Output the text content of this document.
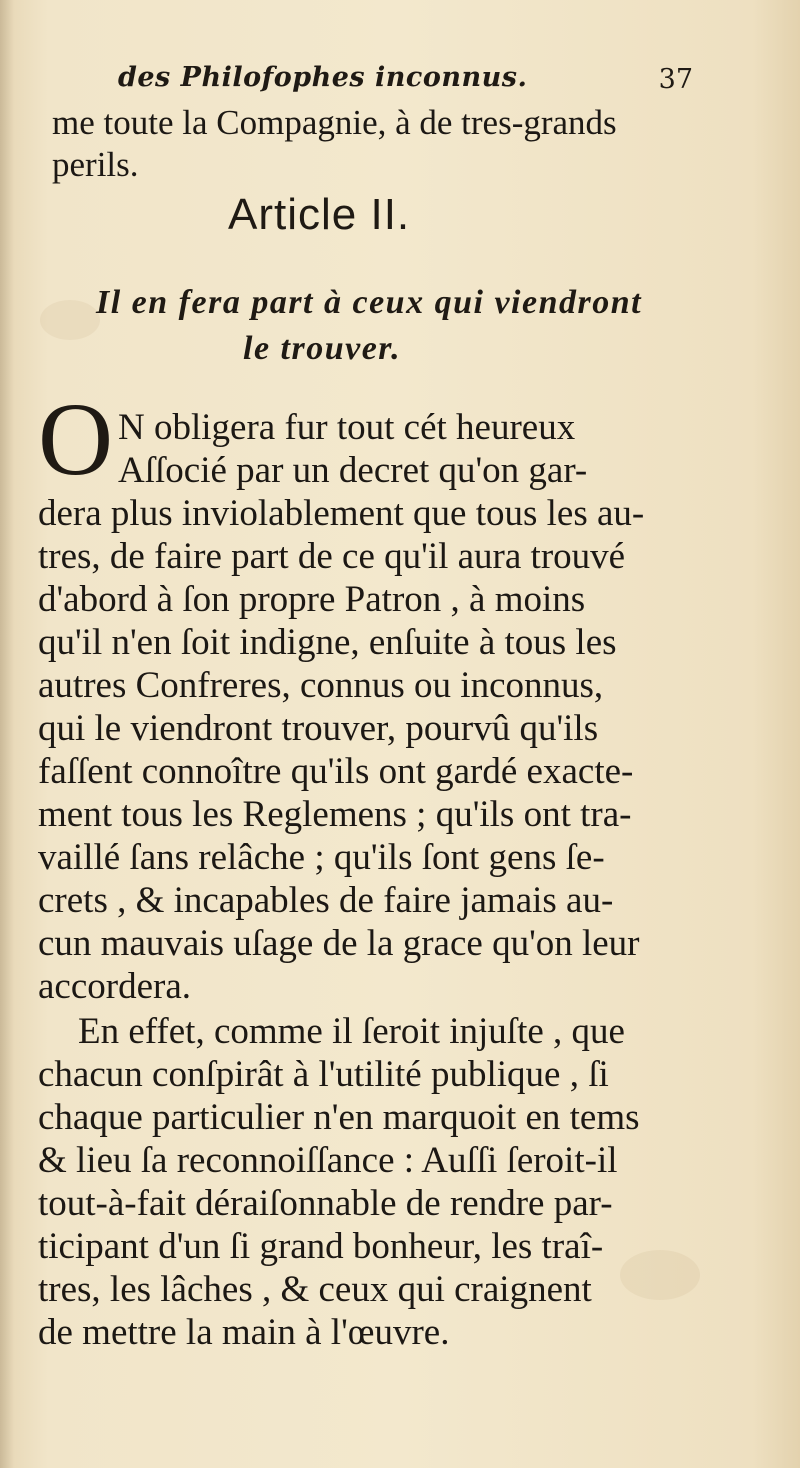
des Philofophes inconnus.	37
me toute la Compagnie, à de tres-grands
perils.
Article II.
Il en fera part à ceux qui viendront
le trouver.
O N obligera fur tout cét heureux
Aſſocié par un decret qu'on gar-
dera plus inviolablement que tous les au-
tres, de faire part de ce qu'il aura trouvé
d'abord à ſon propre Patron , à moins
qu'il n'en ſoit indigne, enſuite à tous les
autres Confreres, connus ou inconnus,
qui le viendront trouver, pourvû qu'ils
faſſent connoître qu'ils ont gardé exacte-
ment tous les Reglemens ; qu'ils ont tra-
vaillé ſans relâche ; qu'ils ſont gens ſe-
crets , & incapables de faire jamais au-
cun mauvais uſage de la grace qu'on leur
accordera.
En effet, comme il ſeroit injuſte , que
chacun conſpirât à l'utilité publique , ſi
chaque particulier n'en marquoit en tems
& lieu ſa reconnoiſſance : Auſſi ſeroit-il
tout-à-fait déraiſonnable de rendre par-
ticipant d'un ſi grand bonheur, les traî-
tres, les lâches , & ceux qui craignent
de mettre la main à l'œuvre.
